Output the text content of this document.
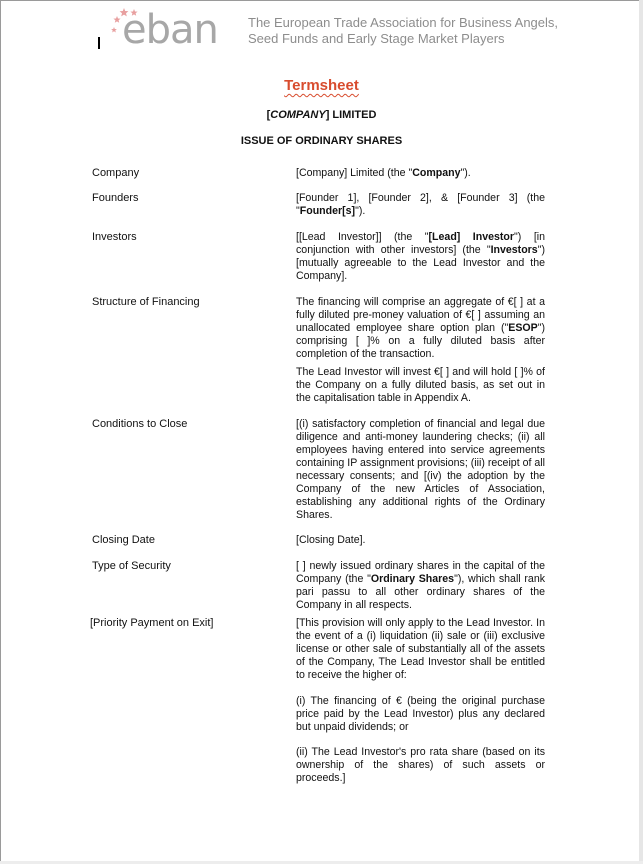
eban The European Trade Association for Business Angels,
Seed Funds and Early Stage Market Players
Termsheet
[COMPANY] LIMITED
ISSUE OF ORDINARY SHARES
Company	[Company] Limited (the "Company").
Founders	[Founder 1], [Founder 2], & [Founder 3] (the "Founder[s]").
Investors	[[Lead Investor]] (the "[Lead] Investor") [in conjunction with other investors] (the "Investors") [mutually agreeable to the Lead Investor and the Company].
Structure of Financing	The financing will comprise an aggregate of €[ ] at a fully diluted pre-money valuation of €[ ] assuming an unallocated employee share option plan ("ESOP") comprising [ ]% on a fully diluted basis after completion of the transaction.
The Lead Investor will invest €[ ] and will hold [ ]% of the Company on a fully diluted basis, as set out in the capitalisation table in Appendix A.
Conditions to Close	[(i) satisfactory completion of financial and legal due diligence and anti-money laundering checks; (ii) all employees having entered into service agreements containing IP assignment provisions; (iii) receipt of all necessary consents; and [(iv) the adoption by the Company of the new Articles of Association, establishing any additional rights of the Ordinary Shares.
Closing Date	[Closing Date].
Type of Security	[ ] newly issued ordinary shares in the capital of the Company (the "Ordinary Shares"), which shall rank pari passu to all other ordinary shares of the Company in all respects.
[Priority Payment on Exit]	[This provision will only apply to the Lead Investor. In the event of a (i) liquidation (ii) sale or (iii) exclusive license or other sale of substantially all of the assets of the Company, The Lead Investor shall be entitled to receive the higher of:
(i) The financing of € (being the original purchase price paid by the Lead Investor) plus any declared but unpaid dividends; or
(ii) The Lead Investor's pro rata share (based on its ownership of the shares) of such assets or proceeds.]
